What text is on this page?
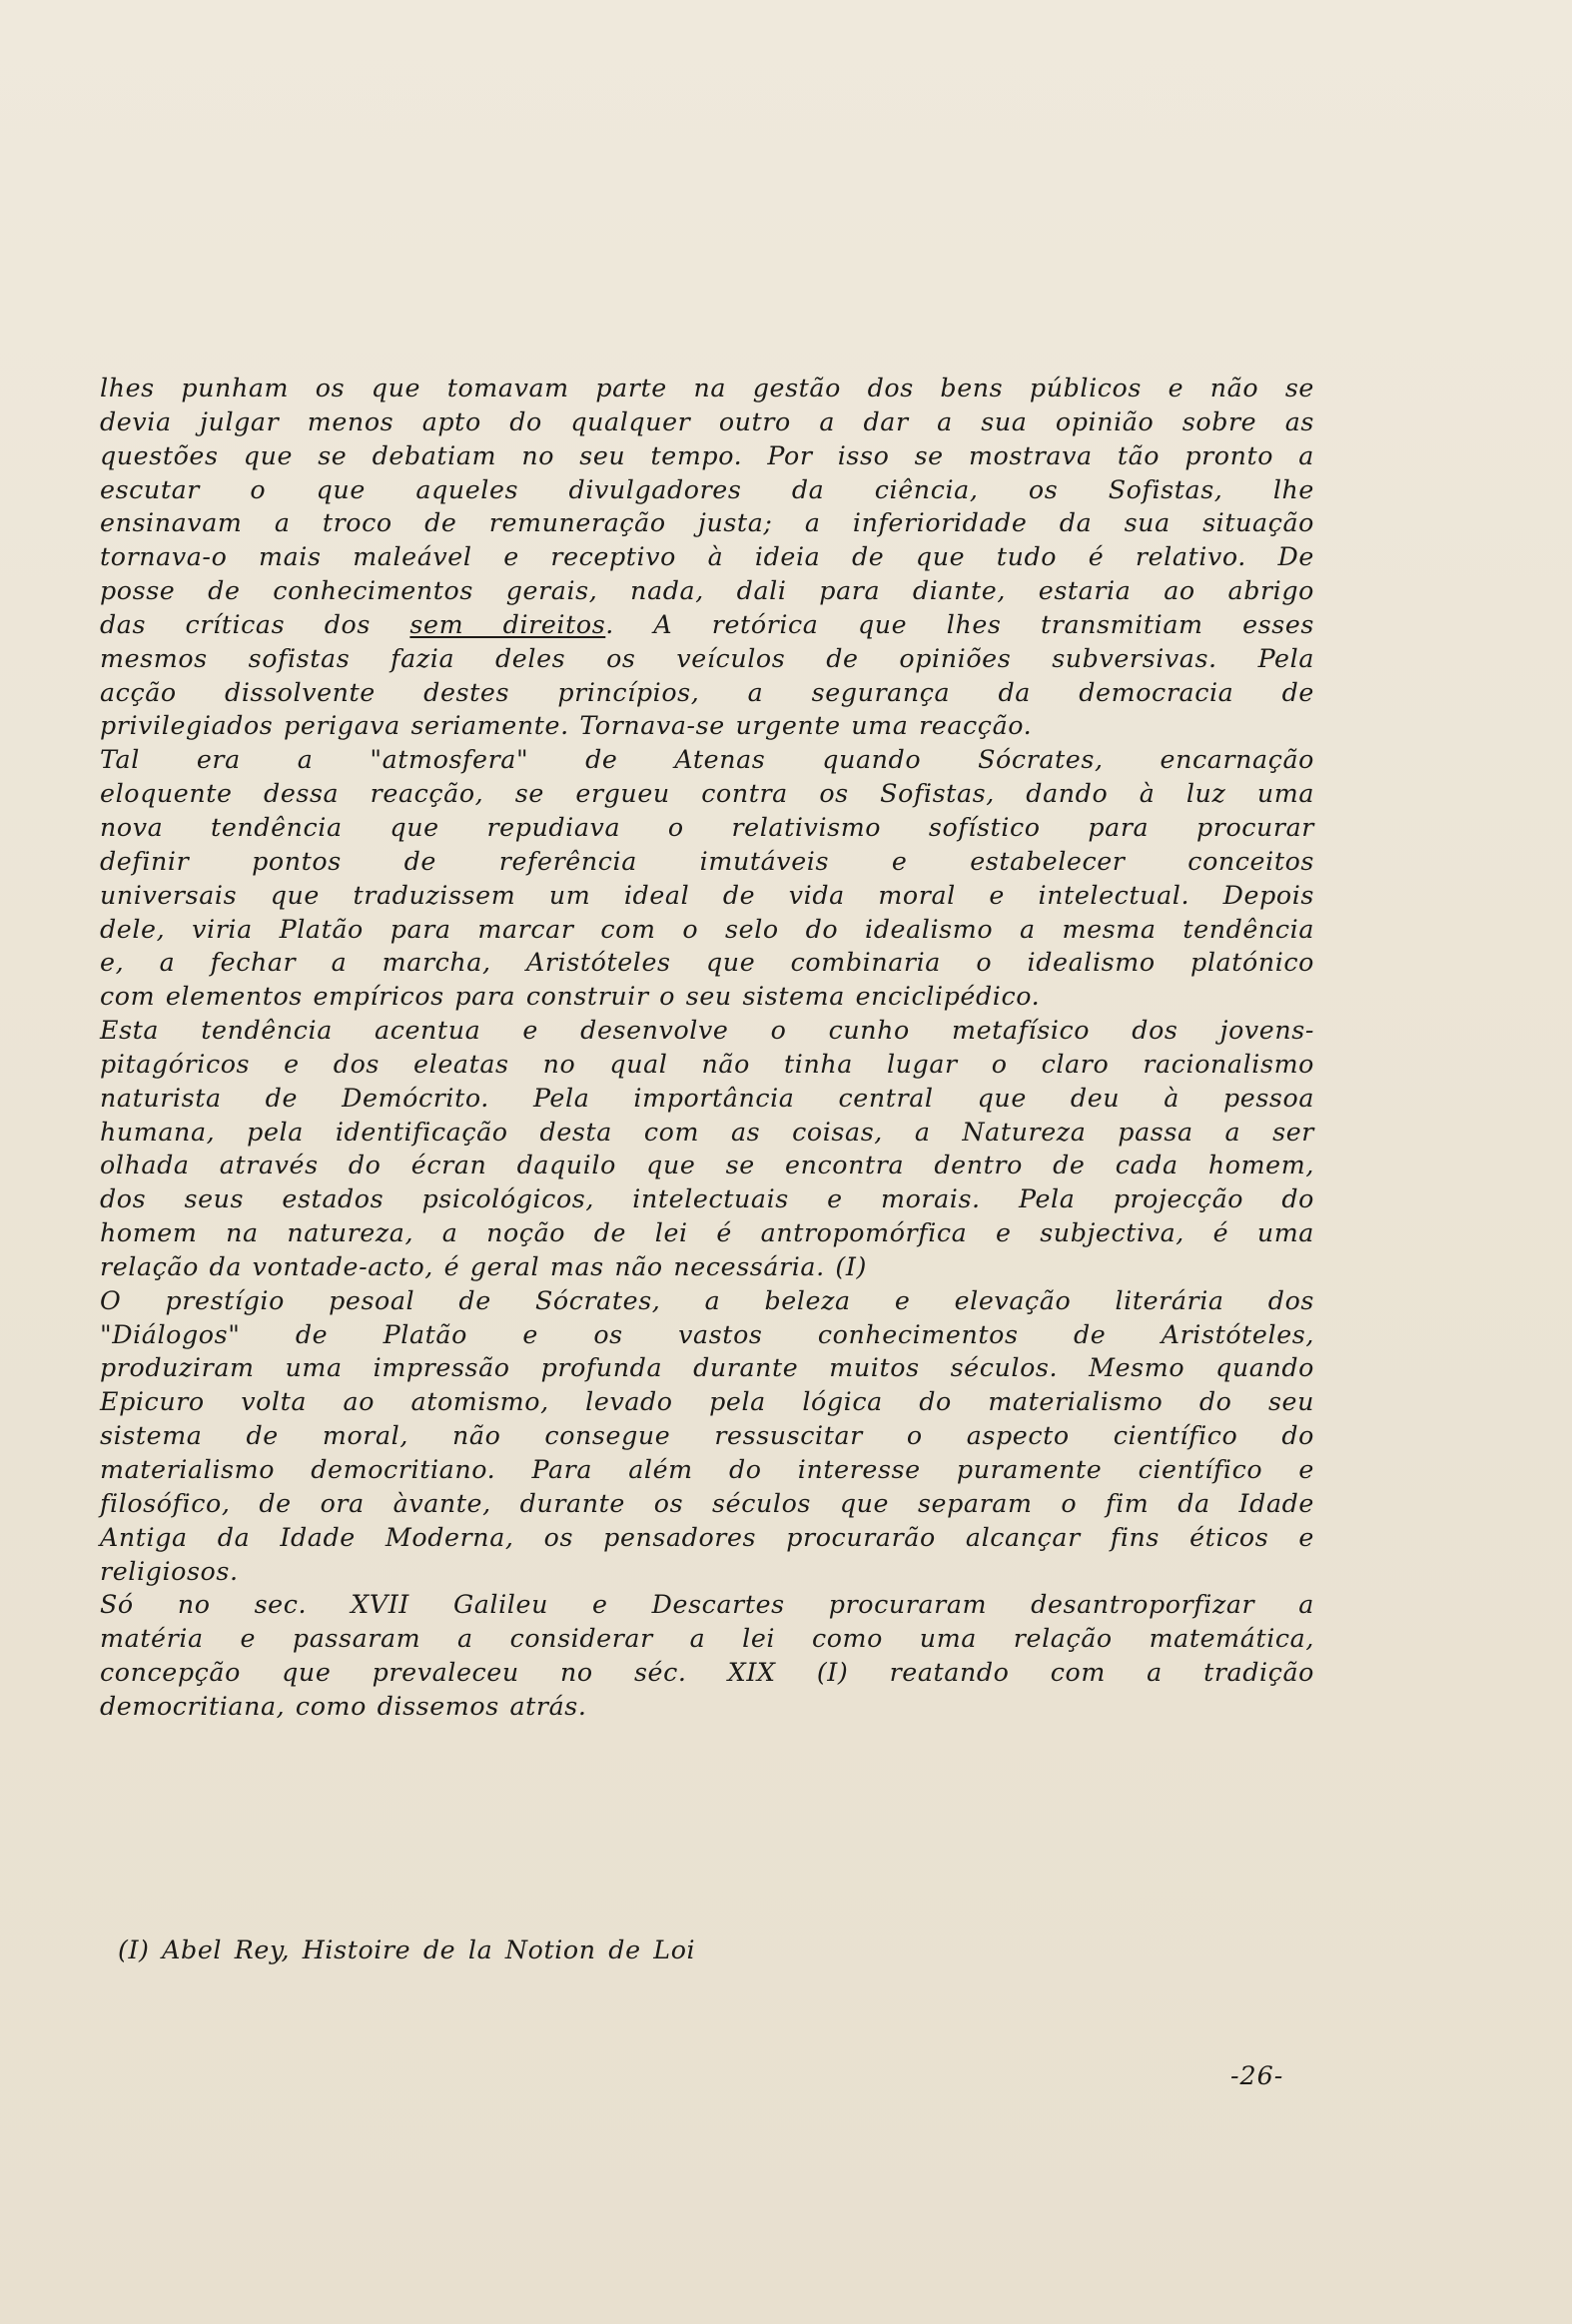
lhes punham os que tomavam parte na gestão dos bens públicos e não se
devia julgar menos apto do qualquer outro a dar a sua opinião sobre as
questões que se debatiam no seu tempo. Por isso se mostrava tão pronto a
escutar o que aqueles divulgadores da ciência, os Sofistas, lhe
ensinavam a troco de remuneração justa; a inferioridade da sua situação
tornava-o mais maleável e receptivo à ideia de que tudo é relativo. De
posse de conhecimentos gerais, nada, dali para diante, estaria ao abrigo
das críticas dos sem direitos. A retórica que lhes transmitiam esses
mesmos sofistas fazia deles os veículos de opiniões subversivas. Pela
acção dissolvente destes princípios, a segurança da democracia de
privilegiados perigava seriamente. Tornava-se urgente uma reacção.
Tal era a "atmosfera" de Atenas quando Sócrates, encarnação
eloquente dessa reacção, se ergueu contra os Sofistas, dando à luz uma
nova tendência que repudiava o relativismo sofístico para procurar
definir pontos de referência imutáveis e estabelecer conceitos
universais que traduzissem um ideal de vida moral e intelectual. Depois
dele, viria Platão para marcar com o selo do idealismo a mesma tendência
e, a fechar a marcha, Aristóteles que combinaria o idealismo platónico
com elementos empíricos para construir o seu sistema enciclipédico.
Esta tendência acentua e desenvolve o cunho metafísico dos jovens-
pitagóricos e dos eleatas no qual não tinha lugar o claro racionalismo
naturista de Demócrito. Pela importância central que deu à pessoa
humana, pela identificação desta com as coisas, a Natureza passa a ser
olhada através do écran daquilo que se encontra dentro de cada homem,
dos seus estados psicológicos, intelectuais e morais. Pela projecção do
homem na natureza, a noção de lei é antropomórfica e subjectiva, é uma
relação da vontade-acto, é geral mas não necessária. (I)
O prestígio pesoal de Sócrates, a beleza e elevação literária dos
"Diálogos" de Platão e os vastos conhecimentos de Aristóteles,
produziram uma impressão profunda durante muitos séculos. Mesmo quando
Epicuro volta ao atomismo, levado pela lógica do materialismo do seu
sistema de moral, não consegue ressuscitar o aspecto científico do
materialismo democritiano. Para além do interesse puramente científico e
filosófico, de ora àvante, durante os séculos que separam o fim da Idade
Antiga da Idade Moderna, os pensadores procurarão alcançar fins éticos e
religiosos.
Só no sec. XVII Galileu e Descartes procuraram desantroporfizar a
matéria e passaram a considerar a lei como uma relação matemática,
concepção que prevaleceu no séc. XIX (I) reatando com a tradição
democritiana, como dissemos atrás.
(I) Abel Rey, Histoire de la Notion de Loi
-26-
